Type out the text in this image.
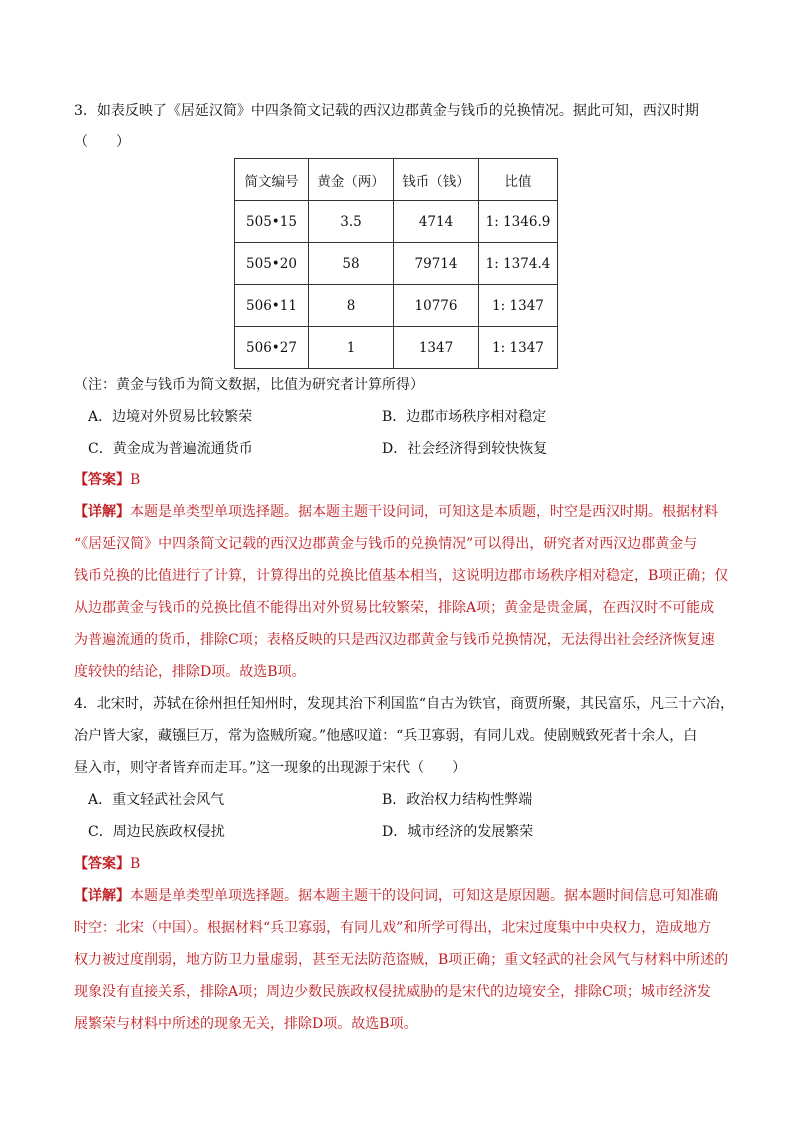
3．如表反映了《居延汉简》中四条简文记载的西汉边郡黄金与钱币的兑换情况。据此可知，西汉时期
（　　）
简文编号	黄金（两）	钱币（钱）	比值
505•15	3.5	4714	1: 1346.9
505•20	58	79714	1: 1374.4
506•11	8	10776	1: 1347
506•27	1	1347	1: 1347
（注：黄金与钱币为简文数据，比值为研究者计算所得）
A．边境对外贸易比较繁荣	B．边郡市场秩序相对稳定
C．黄金成为普遍流通货币	D．社会经济得到较快恢复
【答案】B
【详解】本题是单类型单项选择题。据本题主题干设问词，可知这是本质题，时空是西汉时期。根据材料
“《居延汉简》中四条简文记载的西汉边郡黄金与钱币的兑换情况”可以得出，研究者对西汉边郡黄金与
钱币兑换的比值进行了计算，计算得出的兑换比值基本相当，这说明边郡市场秩序相对稳定，B项正确；仅
从边郡黄金与钱币的兑换比值不能得出对外贸易比较繁荣，排除A项；黄金是贵金属，在西汉时不可能成
为普遍流通的货币，排除C项；表格反映的只是西汉边郡黄金与钱币兑换情况，无法得出社会经济恢复速
度较快的结论，排除D项。故选B项。
4．北宋时，苏轼在徐州担任知州时，发现其治下利国监“自古为铁官，商贾所聚，其民富乐，凡三十六冶，
冶户皆大家，藏镪巨万，常为盗贼所窥。”他感叹道：“兵卫寡弱，有同儿戏。使剧贼致死者十余人，白
昼入市，则守者皆弃而走耳。”这一现象的出现源于宋代（　　）
A．重文轻武社会风气	B．政治权力结构性弊端
C．周边民族政权侵扰	D．城市经济的发展繁荣
【答案】B
【详解】本题是单类型单项选择题。据本题主题干的设问词，可知这是原因题。据本题时间信息可知准确
时空：北宋（中国）。根据材料“兵卫寡弱，有同儿戏”和所学可得出，北宋过度集中中央权力，造成地方
权力被过度削弱，地方防卫力量虚弱，甚至无法防范盗贼，B项正确；重文轻武的社会风气与材料中所述的
现象没有直接关系，排除A项；周边少数民族政权侵扰威胁的是宋代的边境安全，排除C项；城市经济发
展繁荣与材料中所述的现象无关，排除D项。故选B项。
